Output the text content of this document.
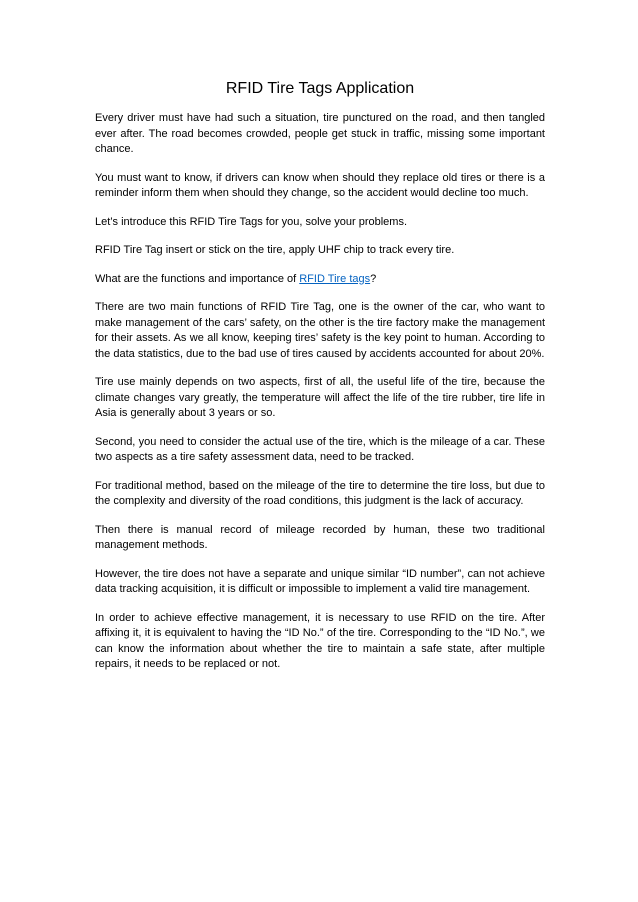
RFID Tire Tags Application

Every driver must have had such a situation, tire punctured on the road, and then tangled ever after. The road becomes crowded, people get stuck in traffic, missing some important chance.

You must want to know, if drivers can know when should they replace old tires or there is a reminder inform them when should they change, so the accident would decline too much.

Let’s introduce this RFID Tire Tags for you, solve your problems.

RFID Tire Tag insert or stick on the tire, apply UHF chip to track every tire.

What are the functions and importance of RFID Tire tags?

There are two main functions of RFID Tire Tag, one is the owner of the car, who want to make management of the cars’ safety, on the other is the tire factory make the management for their assets. As we all know, keeping tires’ safety is the key point to human. According to the data statistics, due to the bad use of tires caused by accidents accounted for about 20%.

Tire use mainly depends on two aspects, first of all, the useful life of the tire, because the climate changes vary greatly, the temperature will affect the life of the tire rubber, tire life in Asia is generally about 3 years or so.

Second, you need to consider the actual use of the tire, which is the mileage of a car. These two aspects as a tire safety assessment data, need to be tracked.

For traditional method, based on the mileage of the tire to determine the tire loss, but due to the complexity and diversity of the road conditions, this judgment is the lack of accuracy.

Then there is manual record of mileage recorded by human, these two traditional management methods.

However, the tire does not have a separate and unique similar “ID number”, can not achieve data tracking acquisition, it is difficult or impossible to implement a valid tire management.

In order to achieve effective management, it is necessary to use RFID on the tire. After affixing it, it is equivalent to having the “ID No.” of the tire. Corresponding to the “ID No.”, we can know the information about whether the tire to maintain a safe state, after multiple repairs, it needs to be replaced or not.
